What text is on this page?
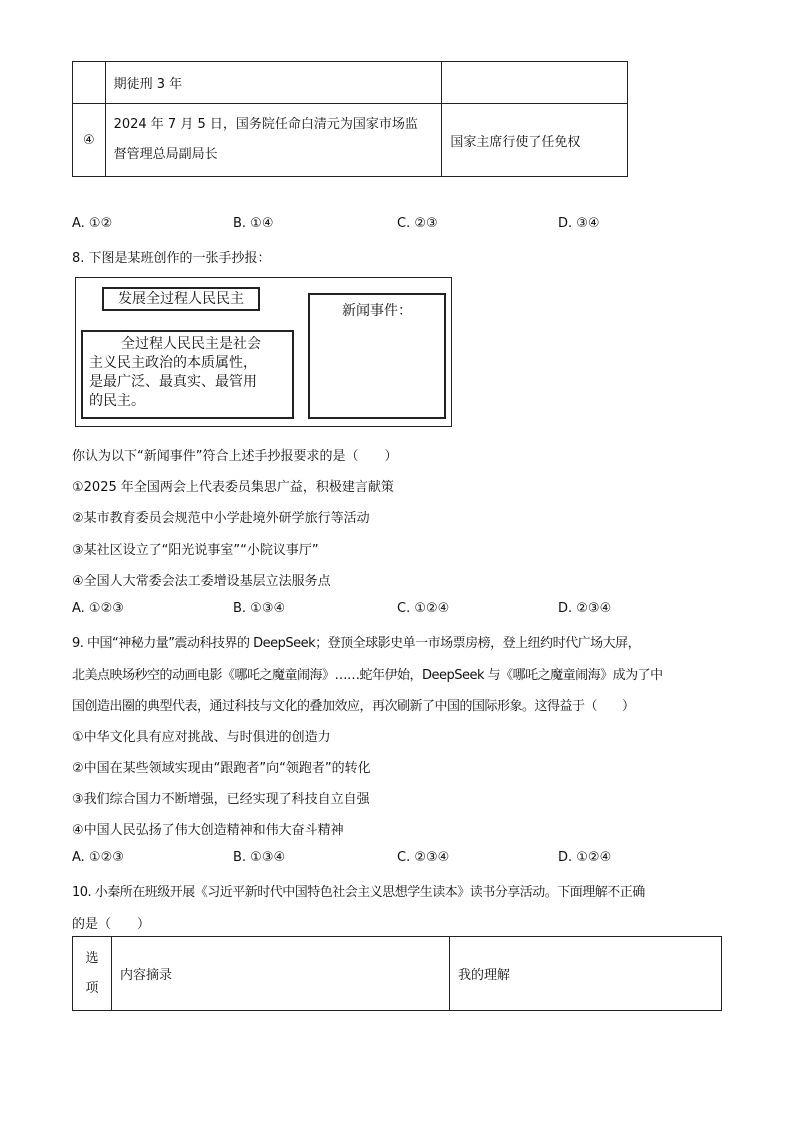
	期徒刑 3 年	
④	2024 年 7 月 5 日，国务院任命白清元为国家市场监
督管理总局副局长	国家主席行使了任免权
A. ①②	B. ①④	C. ②③	D. ③④
8. 下图是某班创作的一张手抄报：
发展全过程人民民主
全过程人民民主是社会
主义民主政治的本质属性，
是最广泛、最真实、最管用
的民主。
新闻事件：
你认为以下“新闻事件”符合上述手抄报要求的是（　　）
①2025 年全国两会上代表委员集思广益，积极建言献策
②某市教育委员会规范中小学赴境外研学旅行等活动
③某社区设立了“阳光说事室”“小院议事厅”
④全国人大常委会法工委增设基层立法服务点
A. ①②③	B. ①③④	C. ①②④	D. ②③④
9. 中国“神秘力量”震动科技界的 DeepSeek；登顶全球影史单一市场票房榜，登上纽约时代广场大屏，
北美点映场秒空的动画电影《哪吒之魔童闹海》……蛇年伊始，DeepSeek 与《哪吒之魔童闹海》成为了中
国创造出圈的典型代表，通过科技与文化的叠加效应，再次刷新了中国的国际形象。这得益于（　　）
①中华文化具有应对挑战、与时俱进的创造力
②中国在某些领域实现由“跟跑者”向“领跑者”的转化
③我们综合国力不断增强，已经实现了科技自立自强
④中国人民弘扬了伟大创造精神和伟大奋斗精神
A. ①②③	B. ①③④	C. ②③④	D. ①②④
10. 小秦所在班级开展《习近平新时代中国特色社会主义思想学生读本》读书分享活动。下面理解不正确
的是（　　）
选
项
	内容摘录	我的理解
